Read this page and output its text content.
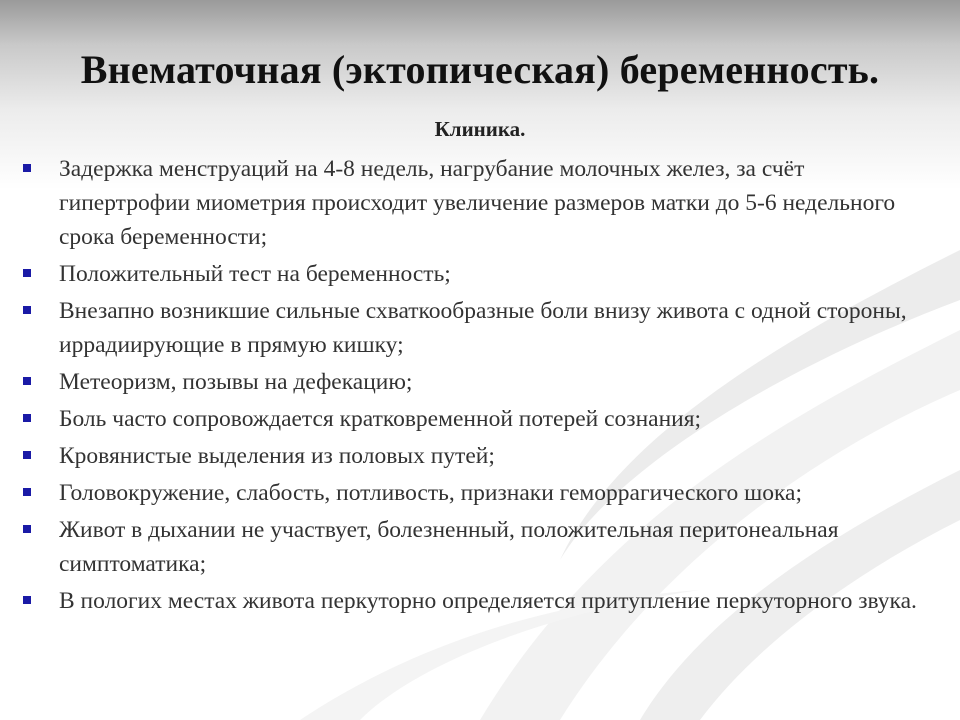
Внематочная (эктопическая) беременность.
Клиника.
Задержка менструаций на 4-8 недель, нагрубание молочных желез, за счёт гипертрофии миометрия происходит увеличение размеров матки до 5-6 недельного срока беременности;
Положительный тест на беременность;
Внезапно возникшие сильные схваткообразные боли внизу живота с одной стороны, иррадиирующие в прямую кишку;
Метеоризм, позывы на дефекацию;
Боль часто сопровождается кратковременной потерей сознания;
Кровянистые выделения из половых путей;
Головокружение, слабость, потливость, признаки геморрагического шока;
Живот в дыхании не участвует, болезненный, положительная перитонеальная симптоматика;
В пологих местах живота перкуторно определяется притупление перкуторного звука.
